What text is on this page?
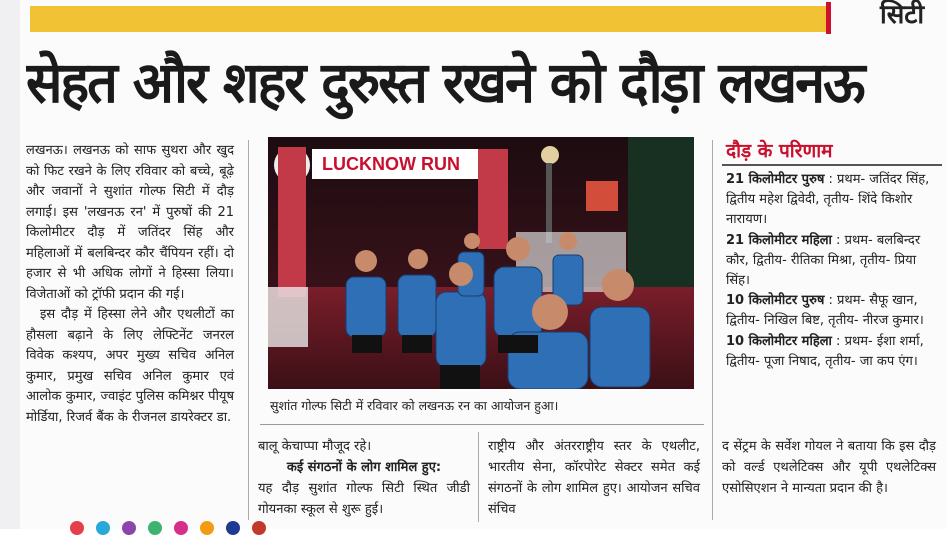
सिटी
सेहत और शहर दुरुस्त रखने को दौड़ा लखनऊ

लखनऊ। लखनऊ को साफ सुथरा और खुद को फिट रखने के लिए रविवार को बच्चे, बूढ़े और जवानों ने सुशांत गोल्फ सिटी में दौड़ लगाई। इस 'लखनऊ रन' में पुरुषों की 21 किलोमीटर दौड़ में जतिंदर सिंह और महिलाओं में बलबिन्दर कौर चैंपियन रहीं। दो हजार से भी अधिक लोगों ने हिस्सा लिया। विजेताओं को ट्रॉफी प्रदान की गई।

इस दौड़ में हिस्सा लेने और एथलीटों का हौसला बढ़ाने के लिए लेफ्टिनेंट जनरल विवेक कश्यप, अपर मुख्य सचिव अनिल कुमार, प्रमुख सचिव अनिल कुमार एवं आलोक कुमार, ज्वाइंट पुलिस कमिश्नर पीयूष मोर्डिया, रिजर्व बैंक के रीजनल डायरेक्टर डा.

LUCKNOW RUN
सुशांत गोल्फ सिटी में रविवार को लखनऊ रन का आयोजन हुआ।
दौड़ के परिणाम

21 किलोमीटर पुरुष : प्रथम- जतिंदर सिंह, द्वितीय महेश द्विवेदी, तृतीय- शिंदे किशोर नारायण।

21 किलोमीटर महिला : प्रथम- बलबिन्दर कौर, द्वितीय- रीतिका मिश्रा, तृतीय- प्रिया सिंह।

10 किलोमीटर पुरुष : प्रथम- सैफू खान, द्वितीय- निखिल बिष्ट, तृतीय- नीरज कुमार।

10 किलोमीटर महिला : प्रथम- ईशा शर्मा, द्वितीय- पूजा निषाद, तृतीय- जा कप एंग।

बालू केचाप्पा मौजूद रहे।

कई संगठनों के लोग शामिल हुए:

यह दौड़ सुशांत गोल्फ सिटी स्थित जीडी गोयनका स्कूल से शुरू हुई।

राष्ट्रीय और अंतरराष्ट्रीय स्तर के एथलीट, भारतीय सेना, कॉरपोरेट सेक्टर समेत कई संगठनों के लोग शामिल हुए। आयोजन सचिव संचिव

द सेंट्रम के सर्वेश गोयल ने बताया कि इस दौड़ को वर्ल्ड एथलेटिक्स और यूपी एथलेटिक्स एसोसिएशन ने मान्यता प्रदान की है।
